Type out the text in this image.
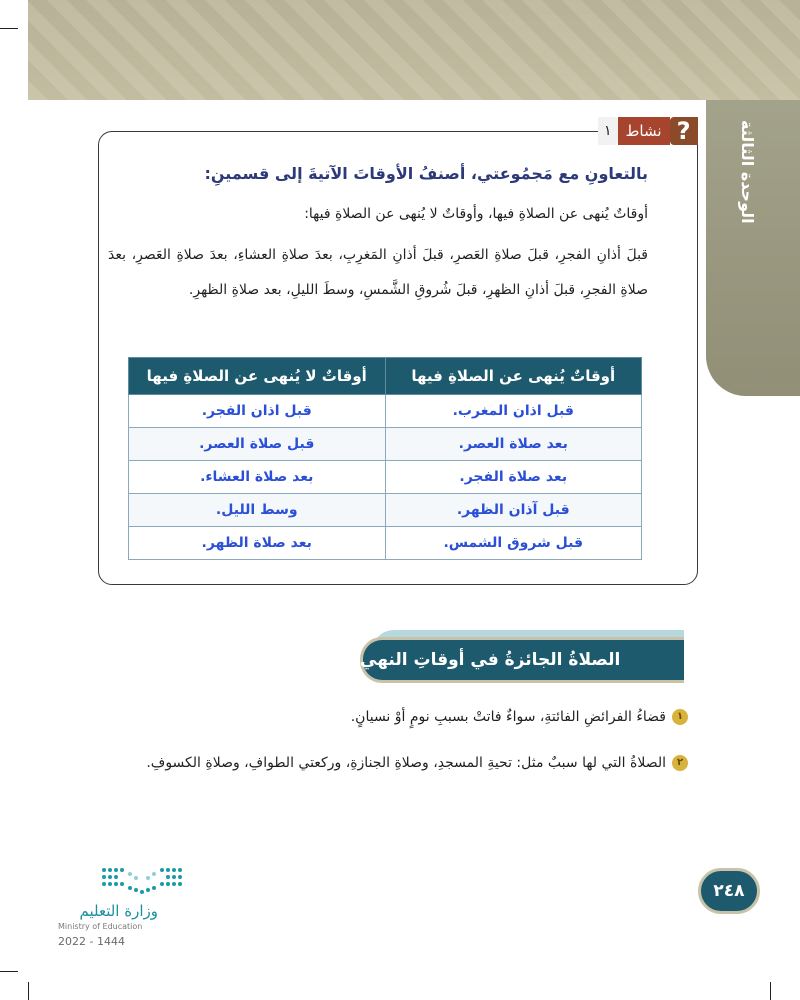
الوحدة الثالثة
?
نشاط
١
بالتعاونِ مع مَجمُوعتي، أصنفُ الأوقاتَ الآتيةَ إلى قسمينِ:
أوقاتٌ يُنهى عن الصلاةِ فيها، وأوقاتٌ لا يُنهى عن الصلاةِ فيها:
قبلَ أذانِ الفجرِ، قبلَ صلاةِ العَصرِ، قبلَ أذانِ المَغرِبِ، بعدَ صلاةِ العشاءِ، بعدَ صلاةِ العَصرِ، بعدَ صلاةِ الفجرِ، قبلَ أذانِ الظهرِ، قبلَ شُروقِ الشَّمسِ، وسطَ الليلِ، بعد صلاةِ الظهرِ.
أوقاتٌ يُنهى عن الصلاةِ فيها	أوقاتٌ لا يُنهى عن الصلاةِ فيها
قبل اذان المغرب.	قبل اذان الفجر.
بعد صلاة العصر.	قبل صلاة العصر.
بعد صلاة الفجر.	بعد صلاة العشاء.
قبل آذان الظهر.	وسط الليل.
قبل شروق الشمس.	بعد صلاة الظهر.
الصلاةُ الجائزةُ في أوقاتِ النهي
١قضاءُ الفرائضِ الفائتةِ، سواءٌ فاتتْ بسببِ نومٍ أوْ نسيانٍ.
٢الصلاةُ التي لها سببٌ مثل: تحيةِ المسجدِ، وصلاةِ الجنازةِ، وركعتي الطوافِ، وصلاةِ الكسوفِ.
٢٤٨
وزارة التعليم
Ministry of Education
2022 - 1444
